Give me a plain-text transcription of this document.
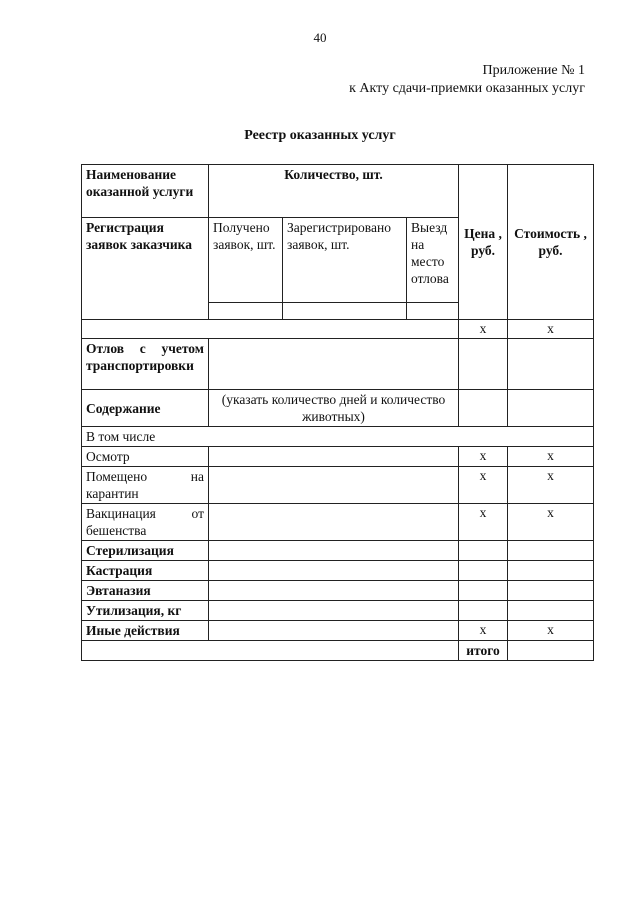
40
Приложение № 1
к Акту сдачи-приемки оказанных услуг
Реестр оказанных услуг
Наименование оказанной услуги	Количество, шт.			Цена , руб.	Стоимость , руб.
Регистрация заявок заказчика	Получено заявок, шт.	Зарегистрировано заявок, шт.	Выезд на место отлова		

				х	х
Отлов с учетом транспортировки					
Содержание	(указать количество дней и количество животных)				
В том числе					
Осмотр				х	х

Помещено на
карантин				х	х

Вакцинация от
бешенства				х	х
Стерилизация					
Кастрация					
Эвтаназия					
Утилизация, кг					
Иные действия				х	х
				итого	
